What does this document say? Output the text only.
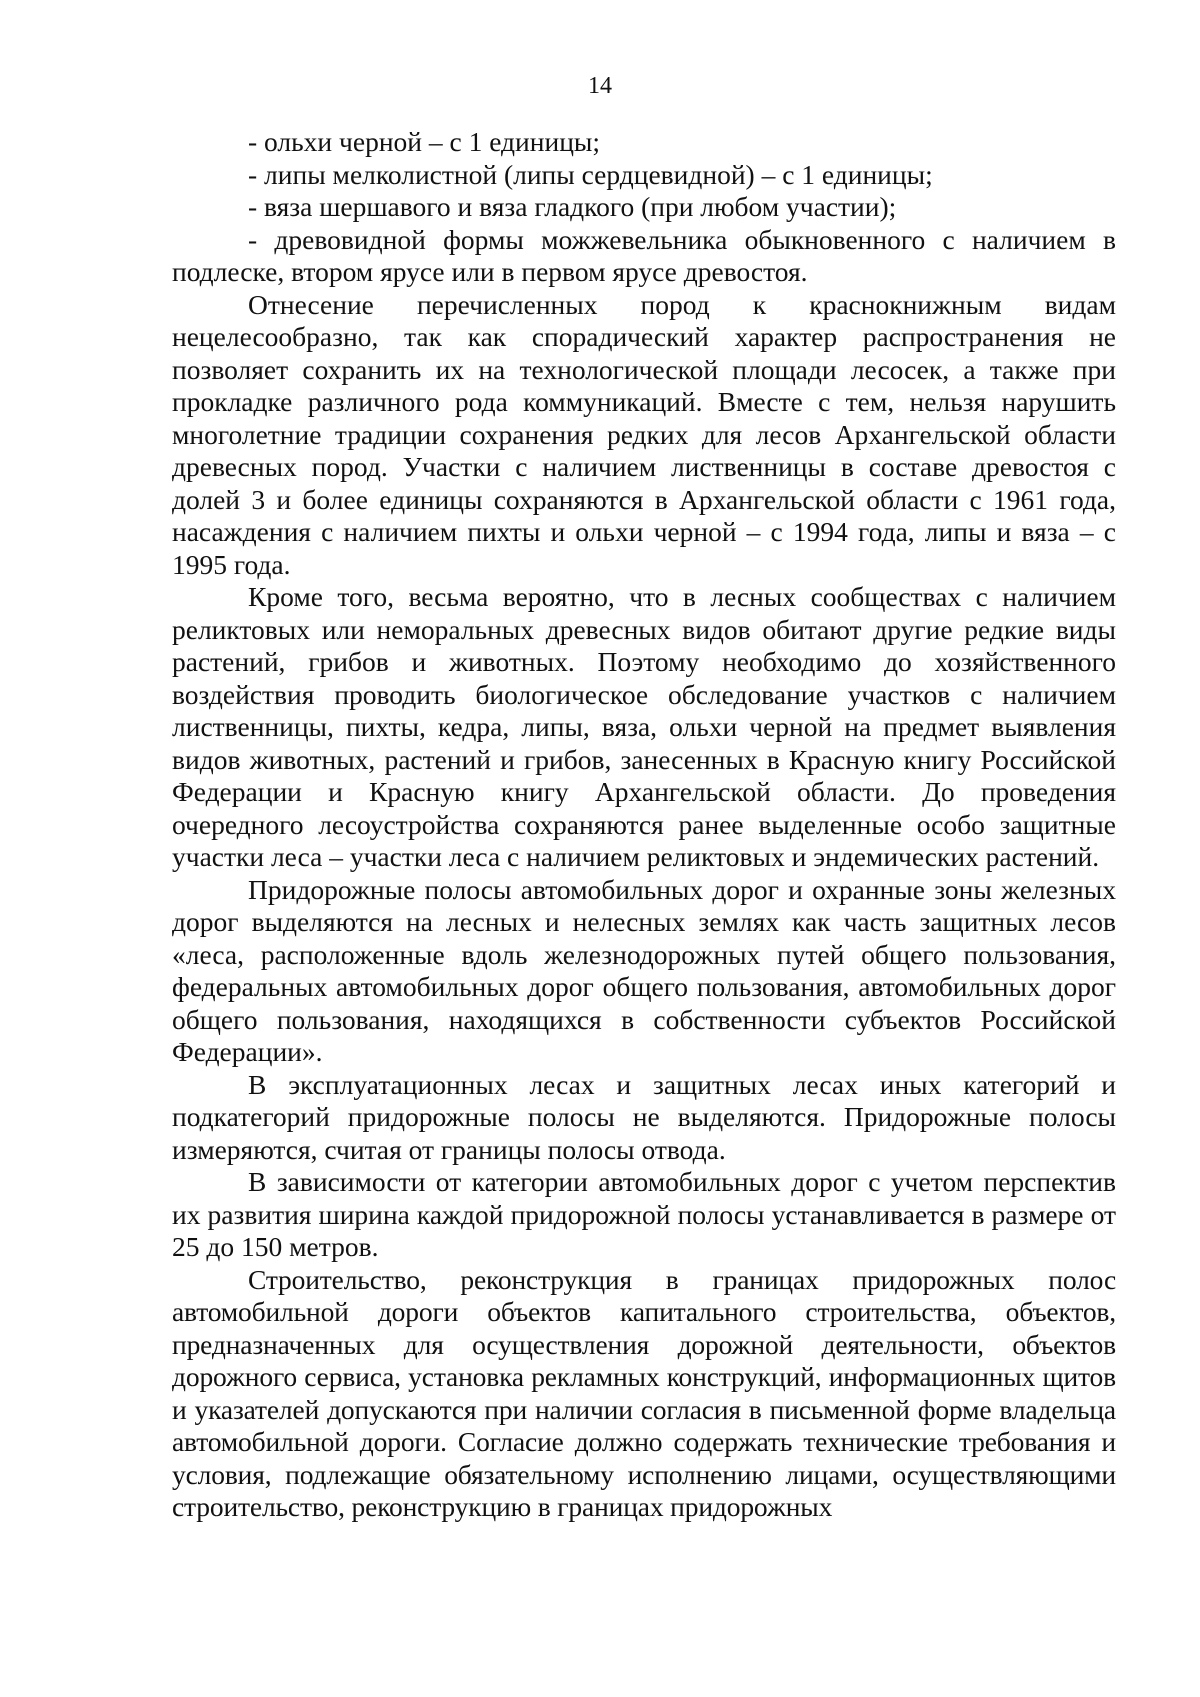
14

- ольхи черной – с 1 единицы;

- липы мелколистной (липы сердцевидной) – с 1 единицы;

- вяза шершавого и вяза гладкого (при любом участии);

- древовидной формы можжевельника обыкновенного с наличием в подлеске, втором ярусе или в первом ярусе древостоя.

Отнесение перечисленных пород к краснокнижным видам нецелесообразно, так как спорадический характер распространения не позволяет сохранить их на технологической площади лесосек, а также при прокладке различного рода коммуникаций. Вместе с тем, нельзя нарушить многолетние традиции сохранения редких для лесов Архангельской области древесных пород. Участки с наличием лиственницы в составе древостоя с долей 3 и более единицы сохраняются в Архангельской области с 1961 года, насаждения с наличием пихты и ольхи черной – с 1994 года, липы и вяза – с 1995 года.

Кроме того, весьма вероятно, что в лесных сообществах с наличием реликтовых или неморальных древесных видов обитают другие редкие виды растений, грибов и животных. Поэтому необходимо до хозяйственного воздействия проводить биологическое обследование участков с наличием лиственницы, пихты, кедра, липы, вяза, ольхи черной на предмет выявления видов животных, растений и грибов, занесенных в Красную книгу Российской Федерации и Красную книгу Архангельской области. До проведения очередного лесоустройства сохраняются ранее выделенные особо защитные участки леса – участки леса с наличием реликтовых и эндемических растений.

Придорожные полосы автомобильных дорог и охранные зоны железных дорог выделяются на лесных и нелесных землях как часть защитных лесов «леса, расположенные вдоль железнодорожных путей общего пользования, федеральных автомобильных дорог общего пользования, автомобильных дорог общего пользования, находящихся в собственности субъектов Российской Федерации».

В эксплуатационных лесах и защитных лесах иных категорий и подкатегорий придорожные полосы не выделяются. Придорожные полосы измеряются, считая от границы полосы отвода.

В зависимости от категории автомобильных дорог с учетом перспектив их развития ширина каждой придорожной полосы устанавливается в размере от 25 до 150 метров.

Строительство, реконструкция в границах придорожных полос автомобильной дороги объектов капитального строительства, объектов, предназначенных для осуществления дорожной деятельности, объектов дорожного сервиса, установка рекламных конструкций, информационных щитов и указателей допускаются при наличии согласия в письменной форме владельца автомобильной дороги. Согласие должно содержать технические требования и условия, подлежащие обязательному исполнению лицами, осуществляющими строительство, реконструкцию в границах придорожных
